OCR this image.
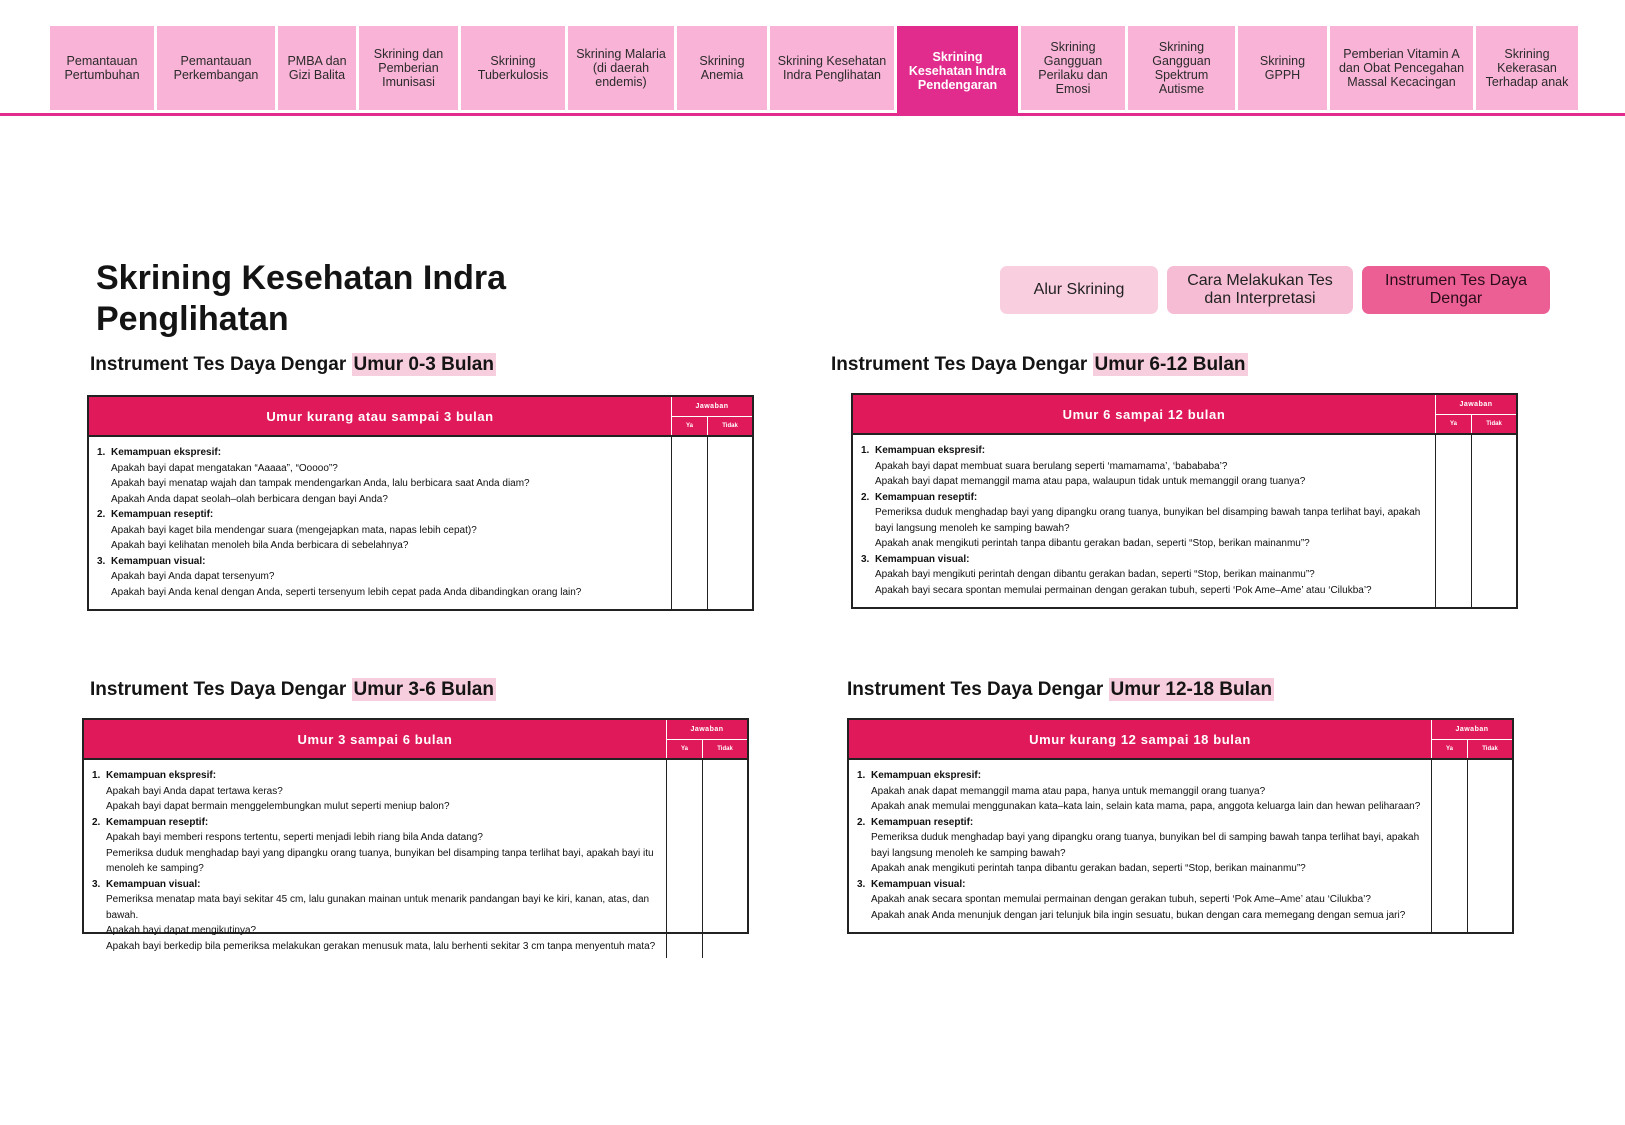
Pemantauan Pertumbuhan
Pemantauan Perkembangan
PMBA dan Gizi Balita
Skrining dan Pemberian Imunisasi
Skrining Tuberkulosis
Skrining Malaria (di daerah endemis)
Skrining Anemia
Skrining Kesehatan Indra Penglihatan
Skrining Kesehatan Indra Pendengaran
Skrining Gangguan Perilaku dan Emosi
Skrining Gangguan Spektrum Autisme
Skrining GPPH
Pemberian Vitamin A dan Obat Pencegahan Massal Kecacingan
Skrining Kekerasan Terhadap anak
Skrining Kesehatan Indra Penglihatan
Alur Skrining
Cara Melakukan Tes dan Interpretasi
Instrumen Tes Daya Dengar
Instrument Tes Daya Dengar Umur 0-3 Bulan	Instrument Tes Daya Dengar Umur 6-12 Bulan
Instrument Tes Daya Dengar Umur 3-6 Bulan	Instrument Tes Daya Dengar Umur 12-18 Bulan
Umur kurang atau sampai 3 bulan
Jawaban
Ya	Tidak
1. Kemampuan ekspresif:
Apakah bayi dapat mengatakan “Aaaaa”, “Ooooo”?
Apakah bayi menatap wajah dan tampak mendengarkan Anda, lalu berbicara saat Anda diam?
Apakah Anda dapat seolah–olah berbicara dengan bayi Anda?
2. Kemampuan reseptif:
Apakah bayi kaget bila mendengar suara (mengejapkan mata, napas lebih cepat)?
Apakah bayi kelihatan menoleh bila Anda berbicara di sebelahnya?
3. Kemampuan visual:
Apakah bayi Anda dapat tersenyum?
Apakah bayi Anda kenal dengan Anda, seperti tersenyum lebih cepat pada Anda dibandingkan orang lain?
Umur 6 sampai 12 bulan
Jawaban
Ya	Tidak
1. Kemampuan ekspresif:
Apakah bayi dapat membuat suara berulang seperti ‘mamamama’, ‘babababa’?
Apakah bayi dapat memanggil mama atau papa, walaupun tidak untuk memanggil orang tuanya?
2. Kemampuan reseptif:
Pemeriksa duduk menghadap bayi yang dipangku orang tuanya, bunyikan bel disamping bawah tanpa terlihat bayi, apakah bayi langsung menoleh ke samping bawah?
Apakah anak mengikuti perintah tanpa dibantu gerakan badan, seperti “Stop, berikan mainanmu”?
3. Kemampuan visual:
Apakah bayi mengikuti perintah dengan dibantu gerakan badan, seperti “Stop, berikan mainanmu”?
Apakah bayi secara spontan memulai permainan dengan gerakan tubuh, seperti ‘Pok Ame–Ame’ atau ‘Cilukba’?
Umur 3 sampai 6 bulan
Jawaban
Ya	Tidak
1. Kemampuan ekspresif:
Apakah bayi Anda dapat tertawa keras?
Apakah bayi dapat bermain menggelembungkan mulut seperti meniup balon?
2. Kemampuan reseptif:
Apakah bayi memberi respons tertentu, seperti menjadi lebih riang bila Anda datang?
Pemeriksa duduk menghadap bayi yang dipangku orang tuanya, bunyikan bel disamping tanpa terlihat bayi, apakah bayi itu menoleh ke samping?
3. Kemampuan visual:
Pemeriksa menatap mata bayi sekitar 45 cm, lalu gunakan mainan untuk menarik pandangan bayi ke kiri, kanan, atas, dan bawah.
Apakah bayi dapat mengikutinya?
Apakah bayi berkedip bila pemeriksa melakukan gerakan menusuk mata, lalu berhenti sekitar 3 cm tanpa menyentuh mata?
Umur kurang 12 sampai 18 bulan
Jawaban
Ya	Tidak
1. Kemampuan ekspresif:
Apakah anak dapat memanggil mama atau papa, hanya untuk memanggil orang tuanya?
Apakah anak memulai menggunakan kata–kata lain, selain kata mama, papa, anggota keluarga lain dan hewan peliharaan?
2. Kemampuan reseptif:
Pemeriksa duduk menghadap bayi yang dipangku orang tuanya, bunyikan bel di samping bawah tanpa terlihat bayi, apakah bayi langsung menoleh ke samping bawah?
Apakah anak mengikuti perintah tanpa dibantu gerakan badan, seperti “Stop, berikan mainanmu”?
3. Kemampuan visual:
Apakah anak secara spontan memulai permainan dengan gerakan tubuh, seperti ‘Pok Ame–Ame’ atau ‘Cilukba’?
Apakah anak Anda menunjuk dengan jari telunjuk bila ingin sesuatu, bukan dengan cara memegang dengan semua jari?
